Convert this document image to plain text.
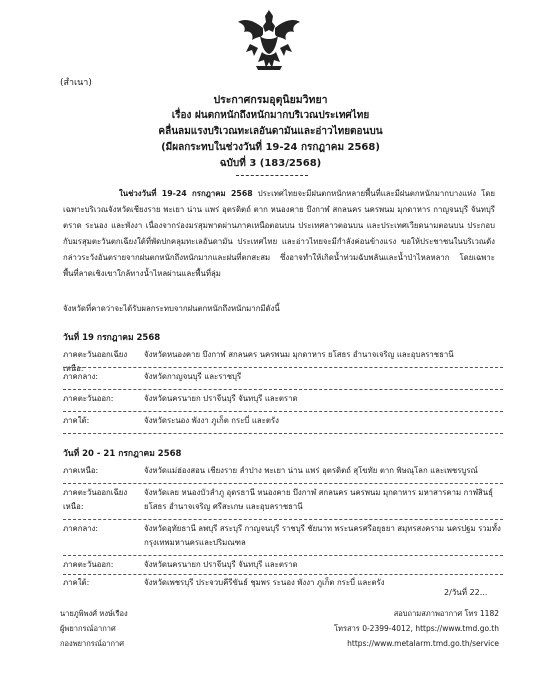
(สำเนา)
ประกาศกรมอุตุนิยมวิทยา
เรื่อง ฝนตกหนักถึงหนักมากบริเวณประเทศไทย
คลื่นลมแรงบริเวณทะเลอันดามันและอ่าวไทยตอนบน
(มีผลกระทบในช่วงวันที่ 19-24 กรกฎาคม 2568)
ฉบับที่ 3 (183/2568)
ในช่วงวันที่ 19-24 กรกฎาคม 2568 ประเทศไทยจะมีฝนตกหนักหลายพื้นที่และมีฝนตกหนักมากบางแห่ง โดยเฉพาะบริเวณจังหวัดเชียงราย พะเยา น่าน แพร่ อุตรดิตถ์ ตาก หนองคาย บึงกาฬ สกลนคร นครพนม มุกดาหาร กาญจนบุรี จันทบุรี ตราด ระนอง และพังงา เนื่องจากร่องมรสุมพาดผ่านภาคเหนือตอนบน ประเทศลาวตอนบน และประเทศเวียดนามตอนบน ประกอบกับมรสุมตะวันตกเฉียงใต้ที่พัดปกคลุมทะเลอันดามัน ประเทศไทย และอ่าวไทยจะมีกำลังค่อนข้างแรง ขอให้ประชาชนในบริเวณดังกล่าวระวังอันตรายจากฝนตกหนักถึงหนักมากและฝนที่ตกสะสม ซึ่งอาจทำให้เกิดน้ำท่วมฉับพลันและน้ำป่าไหลหลาก โดยเฉพาะพื้นที่ลาดเชิงเขาใกล้ทางน้ำไหลผ่านและพื้นที่ลุ่ม
จังหวัดที่คาดว่าจะได้รับผลกระทบจากฝนตกหนักถึงหนักมากมีดังนี้
วันที่ 19 กรกฎาคม 2568
ภาคตะวันออกเฉียงเหนือ:
จังหวัดหนองคาย บึงกาฬ สกลนคร นครพนม มุกดาหาร ยโสธร อำนาจเจริญ และอุบลราชธานี
ภาคกลาง:	จังหวัดกาญจนบุรี และราชบุรี
ภาคตะวันออก:	จังหวัดนครนายก ปราจีนบุรี จันทบุรี และตราด
ภาคใต้:	จังหวัดระนอง พังงา ภูเก็ต กระบี่ และตรัง
วันที่ 20 - 21 กรกฎาคม 2568
ภาคเหนือ:	จังหวัดแม่ฮ่องสอน เชียงราย ลำปาง พะเยา น่าน แพร่ อุตรดิตถ์ สุโขทัย ตาก พิษณุโลก และเพชรบูรณ์
ภาคตะวันออกเฉียงเหนือ:
จังหวัดเลย หนองบัวลำภู อุดรธานี หนองคาย บึงกาฬ สกลนคร นครพนม มุกดาหาร มหาสารคาม กาฬสินธุ์ ยโสธร อำนาจเจริญ ศรีสะเกษ และอุบลราชธานี
ภาคกลาง:	จังหวัดอุทัยธานี ลพบุรี สระบุรี กาญจนบุรี ราชบุรี ชัยนาท พระนครศรีอยุธยา สมุทรสงคราม นครปฐม รวมทั้งกรุงเทพมหานครและปริมณฑล
ภาคตะวันออก:	จังหวัดนครนายก ปราจีนบุรี จันทบุรี และตราด
ภาคใต้:	จังหวัดเพชรบุรี ประจวบคีรีขันธ์ ชุมพร ระนอง พังงา ภูเก็ต กระบี่ และตรัง
2/วันที่ 22...
นายภูพิพงศ์ หงษ์เรือง
ผู้พยากรณ์อากาศ
กองพยากรณ์อากาศ
สอบถามสภาพอากาศ โทร 1182
โทรสาร 0-2399-4012, https://www.tmd.go.th
https://www.metalarm.tmd.go.th/service
